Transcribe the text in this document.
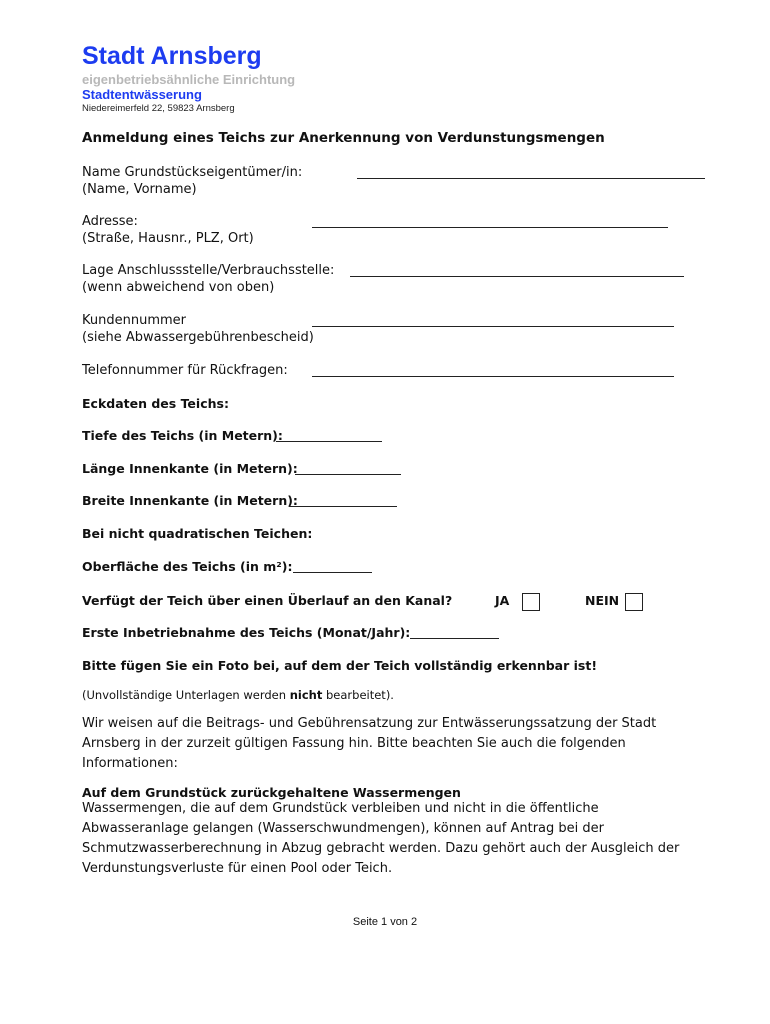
Stadt Arnsberg
eigenbetriebsähnliche Einrichtung
Stadtentwässerung
Niedereimerfeld 22, 59823 Arnsberg
Anmeldung eines Teichs zur Anerkennung von Verdunstungsmengen
Name Grundstückseigentümer/in:
(Name, Vorname)
Adresse:
(Straße, Hausnr., PLZ, Ort)
Lage Anschlussstelle/Verbrauchsstelle:
(wenn abweichend von oben)
Kundennummer
(siehe Abwassergebührenbescheid)
Telefonnummer für Rückfragen:
Eckdaten des Teichs:
Tiefe des Teichs (in Metern):
Länge Innenkante (in Metern):
Breite Innenkante (in Metern):
Bei nicht quadratischen Teichen:
Oberfläche des Teichs (in m²):
Verfügt der Teich über einen Überlauf an den Kanal?	JA	NEIN
Erste Inbetriebnahme des Teichs (Monat/Jahr):
Bitte fügen Sie ein Foto bei, auf dem der Teich vollständig erkennbar ist!
(Unvollständige Unterlagen werden nicht bearbeitet).
Wir weisen auf die Beitrags- und Gebührensatzung zur Entwässerungssatzung der Stadt Arnsberg in der zurzeit gültigen Fassung hin. Bitte beachten Sie auch die folgenden Informationen:
Auf dem Grundstück zurückgehaltene Wassermengen
Wassermengen, die auf dem Grundstück verbleiben und nicht in die öffentliche Abwasseranlage gelangen (Wasserschwundmengen), können auf Antrag bei der Schmutzwasserberechnung in Abzug gebracht werden. Dazu gehört auch der Ausgleich der Verdunstungsverluste für einen Pool oder Teich.
Seite 1 von 2
